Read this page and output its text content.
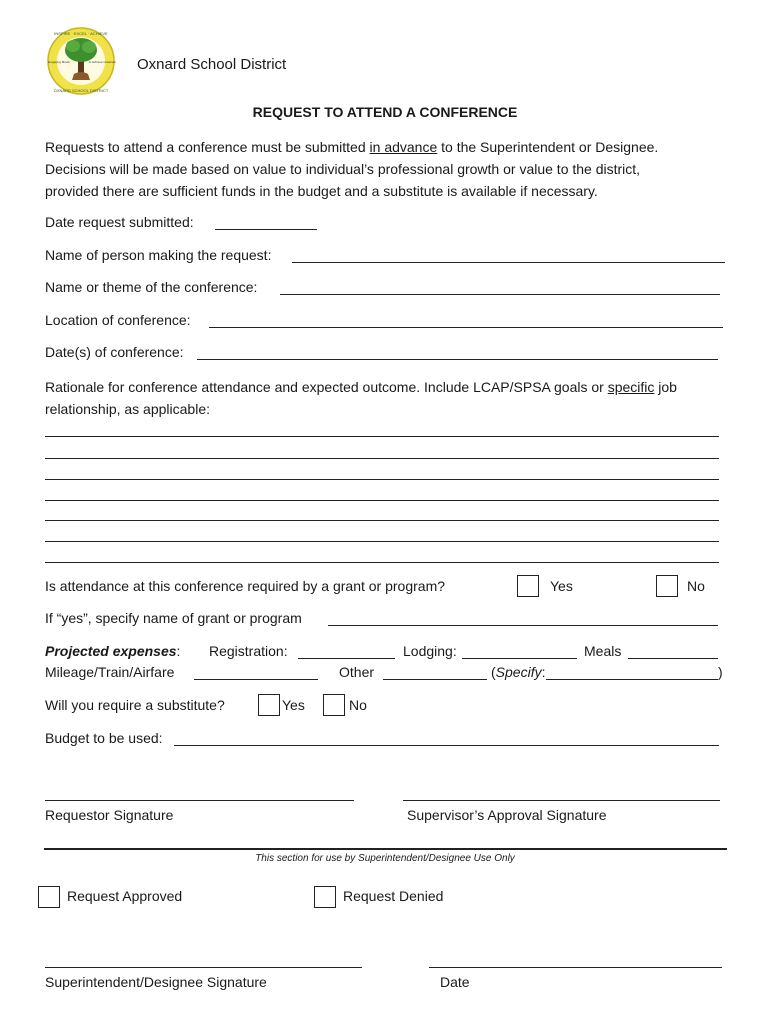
INSPIRE · EXCEL · ACHIEVE
OXNARD SCHOOL DISTRICT
Engaging Minds	to Achieve Greatness Oxnard School District
REQUEST TO ATTEND A CONFERENCE
Requests to attend a conference must be submitted in advance to the Superintendent or Designee.
Decisions will be made based on value to individual’s professional growth or value to the district,
provided there are sufficient funds in the budget and a substitute is available if necessary.
Date request submitted:
Name of person making the request:
Name or theme of the conference:
Location of conference:
Date(s) of conference:
Rationale for conference attendance and expected outcome. Include LCAP/SPSA goals or specific job
relationship, as applicable:
Is attendance at this conference required by a grant or program?	Yes	No
If “yes”, specify name of grant or program
Projected expenses: Registration:	Lodging:	Meals
Mileage/Train/Airfare	Other	(Specify:	)
Will you require a substitute?	Yes	No
Budget to be used:
Requestor Signature	Supervisor’s Approval Signature
This section for use by Superintendent/Designee Use Only
Request Approved	Request Denied
Superintendent/Designee Signature	Date
